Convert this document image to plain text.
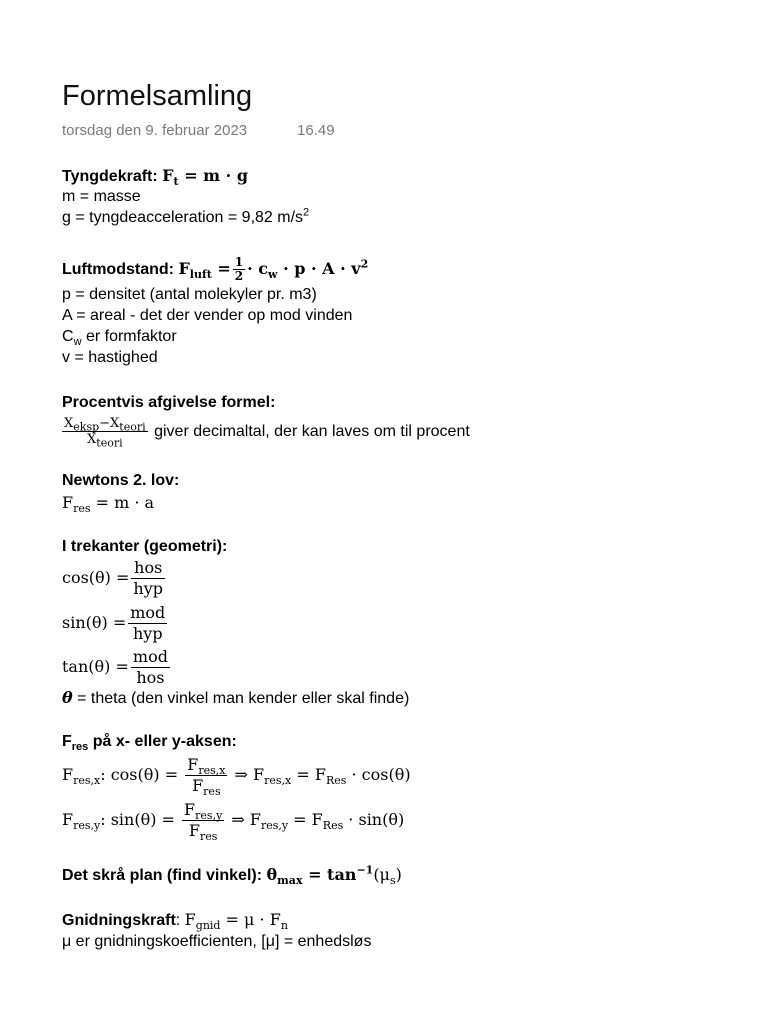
Formelsamling
torsdag den 9. februar 2023	16.49
Tyngdekraft: $F_t = m \cdot g$
m = masse
g = tyngdeacceleration = 9,82 $m/s^2$
Luftmodstand: $F_{luft} = \frac{1}{2} \cdot c_w \cdot p \cdot A \cdot v^2$
p = densitet (antal molekyler pr. m3)
A = areal - det der vender op mod vinden
$C_w$ er formfaktor
v = hastighed
Procentvis afgivelse formel:
$\frac{X_{eksp}-X_{teori}}{X_{teori}}$ giver decimaltal, der kan laves om til procent
Newtons 2. lov:
$F_{res} = m \cdot a$
I trekanter (geometri):
$\cos(\theta) = \frac{\text{hos}}{\text{hyp}}$
$\sin(\theta) = \frac{\text{mod}}{\text{hyp}}$
$\tan(\theta) = \frac{\text{mod}}{\text{hos}}$
θ = theta (den vinkel man kender eller skal finde)
$F_{res}$ på x- eller y-aksen:
$F_{res,x}$: $\cos(\theta) = \frac{F_{res,x}}{F_{res}}$ ⇒ $F_{res,x} = F_{Res} \cdot \cos(\theta)$
$F_{res,y}$: $\sin(\theta) = \frac{F_{res,y}}{F_{res}}$ ⇒ $F_{res,y} = F_{Res} \cdot \sin(\theta)$
Det skrå plan (find vinkel): $\theta_{max} = \tan^{-1}(\mu_s)$
Gnidningskraft: $F_{gnid} = \mu \cdot F_n$
μ er gnidningskoefficienten, [μ] = enhedsløs
